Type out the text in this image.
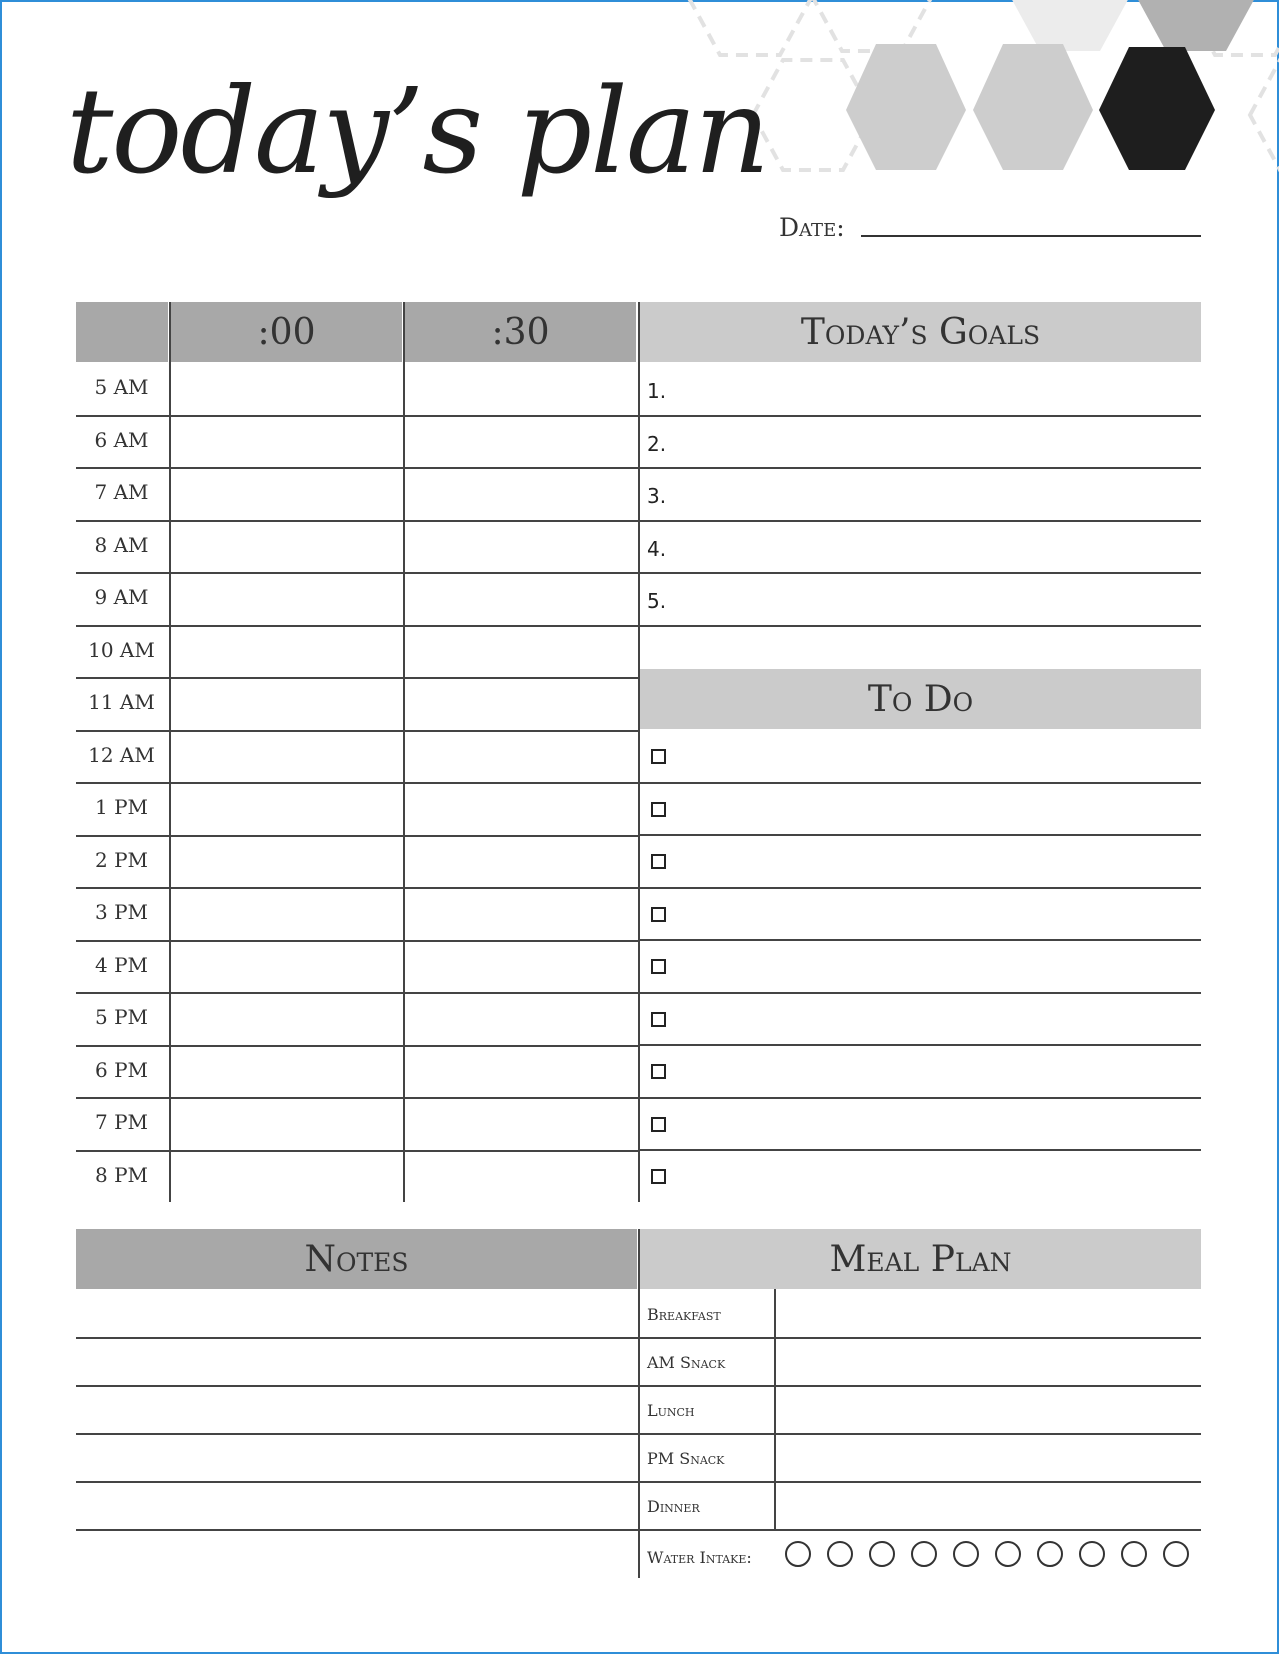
today’s plan
Date:
:00	:30	Today’s Goals
To Do
Notes	Meal Plan
5 AM
6 AM
7 AM
8 AM
9 AM
10 AM
11 AM
12 AM
1 PM
2 PM
3 PM
4 PM
5 PM
6 PM
7 PM
8 PM
1.
2.
3.
4.
5.
Breakfast
AM Snack
Lunch
PM Snack
Dinner
Water Intake:
